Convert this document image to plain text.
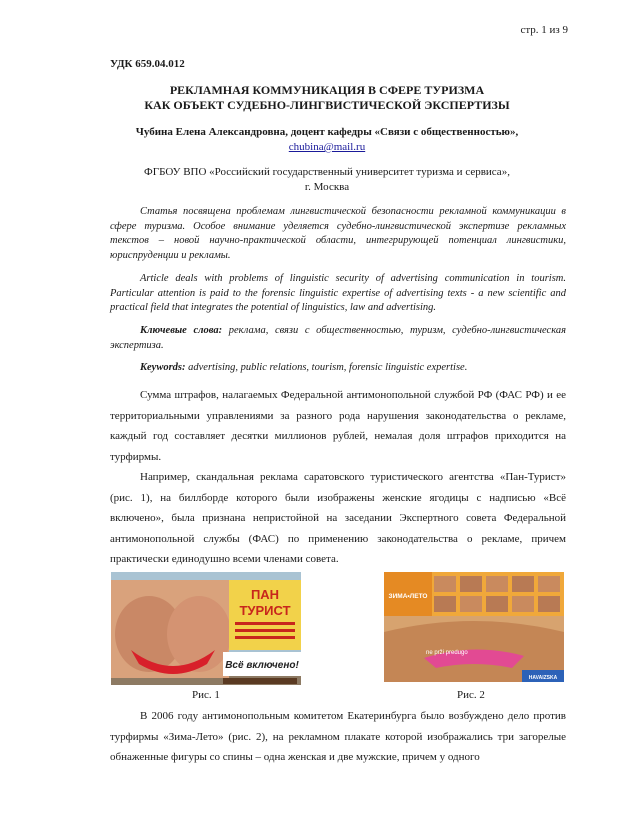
стр. 1 из 9
УДК 659.04.012
РЕКЛАМНАЯ КОММУНИКАЦИЯ В СФЕРЕ ТУРИЗМА
КАК ОБЪЕКТ СУДЕБНО-ЛИНГВИСТИЧЕСКОЙ ЭКСПЕРТИЗЫ
Чубина Елена Александровна, доцент кафедры «Связи с общественностью»,
chubina@mail.ru
ФГБОУ ВПО «Российский государственный университет туризма и сервиса»,
г. Москва
Статья посвящена проблемам лингвистической безопасности рекламной коммуникации в сфере туризма. Особое внимание уделяется судебно-лингвистической экспертизе рекламных текстов – новой научно-практической области, интегрирующей потенциал лингвистики, юриспруденции и рекламы.
Article deals with problems of linguistic security of advertising communication in tourism. Particular attention is paid to the forensic linguistic expertise of advertising texts - a new scientific and practical field that integrates the potential of linguistics, law and advertising.
Ключевые слова: реклама, связи с общественностью, туризм, судебно-лингвистическая экспертиза.
Keywords: advertising, public relations, tourism, forensic linguistic expertise.
Сумма штрафов, налагаемых Федеральной антимонопольной службой РФ (ФАС РФ) и ее территориальными управлениями за разного рода нарушения законодательства о рекламе, каждый год составляет десятки миллионов рублей, немалая доля штрафов приходится на турфирмы.
Например, скандальная реклама саратовского туристического агентства «Пан-Турист» (рис. 1), на биллборде которого были изображены женские ягодицы с надписью «Всё включено», была признана непристойной на заседании Экспертного совета Федеральной антимонопольной службы (ФАС) по применению законодательства о рекламе, причем практически единодушно всеми членами совета.
ПАН
ТУРИСТ
Всё включено!
ЗИМА•ЛЕТО
ne prži predugo
HAVAIZSKA
Рис. 1	Рис. 2
В 2006 году антимонопольным комитетом Екатеринбурга было возбуждено дело против турфирмы «Зима-Лето» (рис. 2), на рекламном плакате которой изображались три загорелые обнаженные фигуры со спины – одна женская и две мужские, причем у одного
